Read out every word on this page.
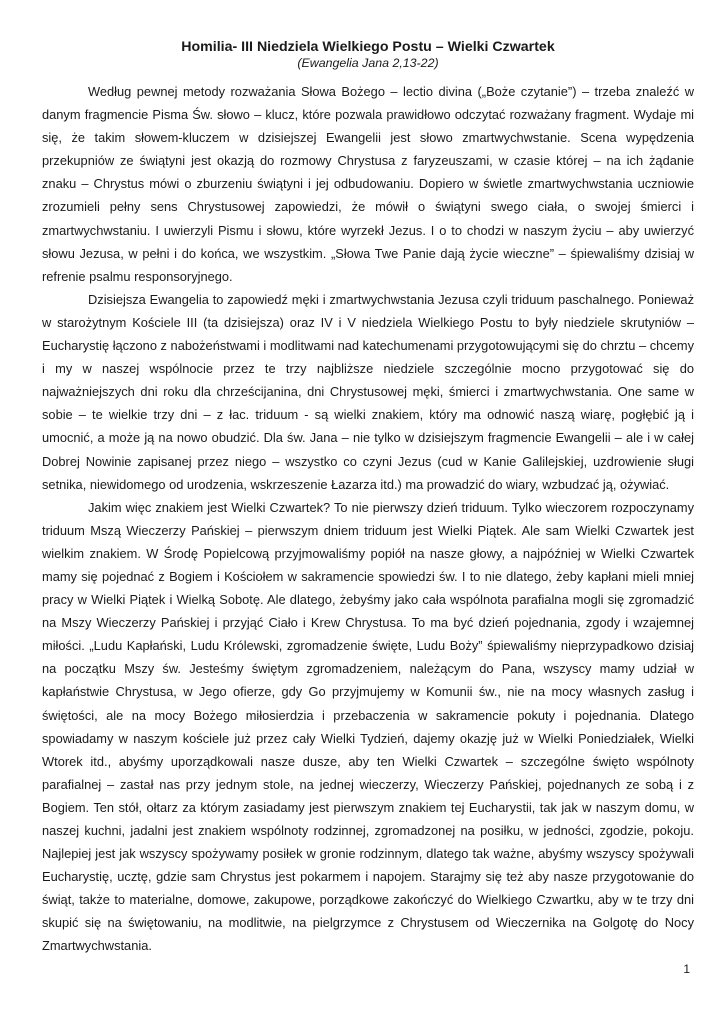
Homilia- III Niedziela Wielkiego Postu – Wielki Czwartek

(Ewangelia Jana 2,13-22)

Według pewnej metody rozważania Słowa Bożego – lectio divina („Boże czytanie”) – trzeba znaleźć w danym fragmencie Pisma Św. słowo – klucz, które pozwala prawidłowo odczytać rozważany fragment. Wydaje mi się, że takim słowem-kluczem w dzisiejszej Ewangelii jest słowo zmartwychwstanie. Scena wypędzenia przekupniów ze świątyni jest okazją do rozmowy Chrystusa z faryzeuszami, w czasie której – na ich żądanie znaku – Chrystus mówi o zburzeniu świątyni i jej odbudowaniu. Dopiero w świetle zmartwychwstania uczniowie zrozumieli pełny sens Chrystusowej zapowiedzi, że mówił o świątyni swego ciała, o swojej śmierci i zmartwychwstaniu. I uwierzyli Pismu i słowu, które wyrzekł Jezus. I o to chodzi w naszym życiu – aby uwierzyć słowu Jezusa, w pełni i do końca, we wszystkim. „Słowa Twe Panie dają życie wieczne” – śpiewaliśmy dzisiaj w refrenie psalmu responsoryjnego.

Dzisiejsza Ewangelia to zapowiedź męki i zmartwychwstania Jezusa czyli triduum paschalnego. Ponieważ w starożytnym Kościele III (ta dzisiejsza) oraz IV i V niedziela Wielkiego Postu to były niedziele skrutyniów – Eucharystię łączono z nabożeństwami i modlitwami nad katechumenami przygotowującymi się do chrztu – chcemy i my w naszej wspólnocie przez te trzy najbliższe niedziele szczególnie mocno przygotować się do najważniejszych dni roku dla chrześcijanina, dni Chrystusowej męki, śmierci i zmartwychwstania. One same w sobie – te wielkie trzy dni – z łac. triduum - są wielki znakiem, który ma odnowić naszą wiarę, pogłębić ją i umocnić, a może ją na nowo obudzić. Dla św. Jana – nie tylko w dzisiejszym fragmencie Ewangelii – ale i w całej Dobrej Nowinie zapisanej przez niego – wszystko co czyni Jezus (cud w Kanie Galilejskiej, uzdrowienie sługi setnika, niewidomego od urodzenia, wskrzeszenie Łazarza itd.) ma prowadzić do wiary, wzbudzać ją, ożywiać.

Jakim więc znakiem jest Wielki Czwartek? To nie pierwszy dzień triduum. Tylko wieczorem rozpoczynamy triduum Mszą Wieczerzy Pańskiej – pierwszym dniem triduum jest Wielki Piątek. Ale sam Wielki Czwartek jest wielkim znakiem. W Środę Popielcową przyjmowaliśmy popiół na nasze głowy, a najpóźniej w Wielki Czwartek mamy się pojednać z Bogiem i Kościołem w sakramencie spowiedzi św. I to nie dlatego, żeby kapłani mieli mniej pracy w Wielki Piątek i Wielką Sobotę. Ale dlatego, żebyśmy jako cała wspólnota parafialna mogli się zgromadzić na Mszy Wieczerzy Pańskiej i przyjąć Ciało i Krew Chrystusa. To ma być dzień pojednania, zgody i wzajemnej miłości. „Ludu Kapłański, Ludu Królewski, zgromadzenie święte, Ludu Boży” śpiewaliśmy nieprzypadkowo dzisiaj na początku Mszy św. Jesteśmy świętym zgromadzeniem, należącym do Pana, wszyscy mamy udział w kapłaństwie Chrystusa, w Jego ofierze, gdy Go przyjmujemy w Komunii św., nie na mocy własnych zasług i świętości, ale na mocy Bożego miłosierdzia i przebaczenia w sakramencie pokuty i pojednania. Dlatego spowiadamy w naszym kościele już przez cały Wielki Tydzień, dajemy okazję już w Wielki Poniedziałek, Wielki Wtorek itd., abyśmy uporządkowali nasze dusze, aby ten Wielki Czwartek – szczególne święto wspólnoty parafialnej – zastał nas przy jednym stole, na jednej wieczerzy, Wieczerzy Pańskiej, pojednanych ze sobą i z Bogiem. Ten stół, ołtarz za którym zasiadamy jest pierwszym znakiem tej Eucharystii, tak jak w naszym domu, w naszej kuchni, jadalni jest znakiem wspólnoty rodzinnej, zgromadzonej na posiłku, w jedności, zgodzie, pokoju. Najlepiej jest jak wszyscy spożywamy posiłek w gronie rodzinnym, dlatego tak ważne, abyśmy wszyscy spożywali Eucharystię, ucztę, gdzie sam Chrystus jest pokarmem i napojem. Starajmy się też aby nasze przygotowanie do świąt, także to materialne, domowe, zakupowe, porządkowe zakończyć do Wielkiego Czwartku, aby w te trzy dni skupić się na świętowaniu, na modlitwie, na pielgrzymce z Chrystusem od Wieczernika na Golgotę do Nocy Zmartwychwstania.

1
